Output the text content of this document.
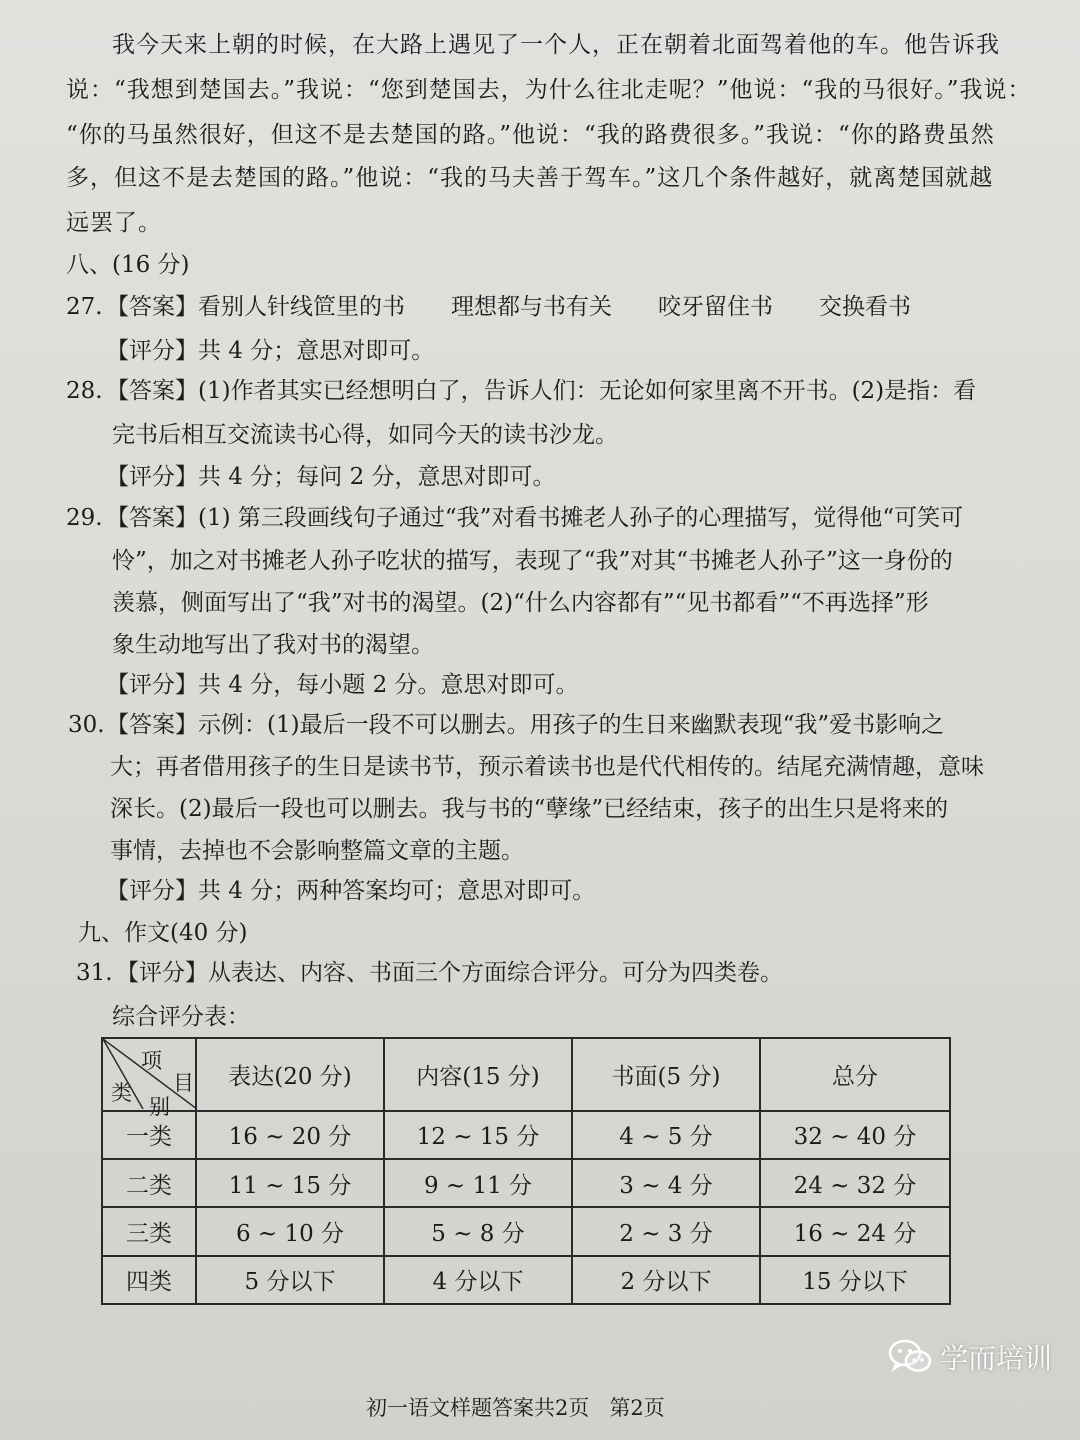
我今天来上朝的时候，在大路上遇见了一个人，正在朝着北面驾着他的车。他告诉我
说：“我想到楚国去。”我说：“您到楚国去，为什么往北走呢？”他说：“我的马很好。”我说：
“你的马虽然很好，但这不是去楚国的路。”他说：“我的路费很多。”我说：“你的路费虽然
多，但这不是去楚国的路。”他说：“我的马夫善于驾车。”这几个条件越好，就离楚国就越
远罢了。
八、(16 分)
27. 【答案】看别人针线笸里的书　　理想都与书有关　　咬牙留住书　　交换看书
【评分】共 4 分；意思对即可。
28. 【答案】(1)作者其实已经想明白了，告诉人们：无论如何家里离不开书。(2)是指：看
完书后相互交流读书心得，如同今天的读书沙龙。
【评分】共 4 分；每问 2 分，意思对即可。
29. 【答案】(1) 第三段画线句子通过“我”对看书摊老人孙子的心理描写，觉得他“可笑可
怜”，加之对书摊老人孙子吃状的描写，表现了“我”对其“书摊老人孙子”这一身份的
羡慕，侧面写出了“我”对书的渴望。(2)“什么内容都有”“见书都看”“不再选择”形
象生动地写出了我对书的渴望。
【评分】共 4 分，每小题 2 分。意思对即可。
30. 【答案】示例：(1)最后一段不可以删去。用孩子的生日来幽默表现“我”爱书影响之
大；再者借用孩子的生日是读书节，预示着读书也是代代相传的。结尾充满情趣，意味
深长。(2)最后一段也可以删去。我与书的“孽缘”已经结束，孩子的出生只是将来的
事情，去掉也不会影响整篇文章的主题。
【评分】共 4 分；两种答案均可；意思对即可。
九、作文(40 分)
31. 【评分】从表达、内容、书面三个方面综合评分。可分为四类卷。
综合评分表：
项
目
类
别	表达(20 分)	内容(15 分)	书面(5 分)	总分
一类	16 ~ 20 分	12 ~ 15 分	4 ~ 5 分	32 ~ 40 分
二类	11 ~ 15 分	9 ~ 11 分	3 ~ 4 分	24 ~ 32 分
三类	6 ~ 10 分	5 ~ 8 分	2 ~ 3 分	16 ~ 24 分
四类	5 分以下	4 分以下	2 分以下	15 分以下
初一语文样题答案共2页 第2页
学而培训
